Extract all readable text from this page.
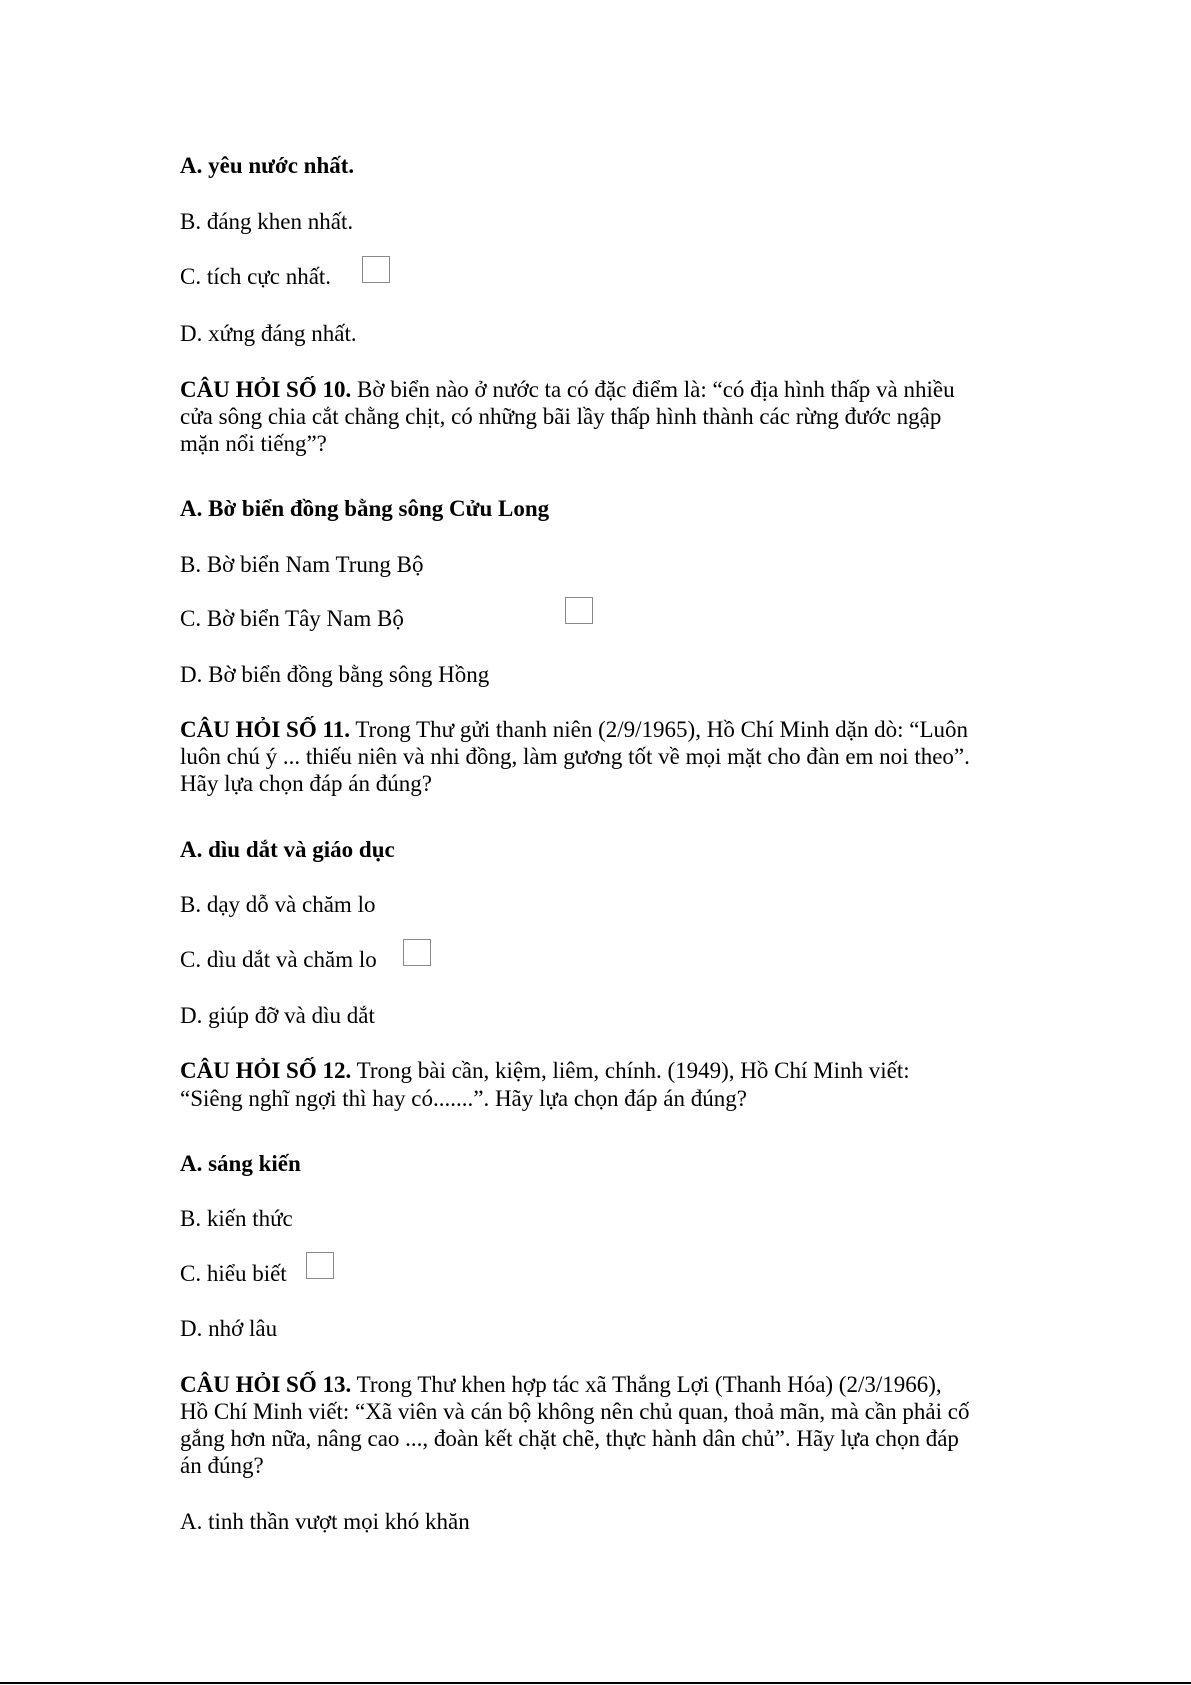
A. yêu nước nhất.
B. đáng khen nhất.
C. tích cực nhất.
D. xứng đáng nhất.
CÂU HỎI SỐ 10. Bờ biển nào ở nước ta có đặc điểm là: “có địa hình thấp và nhiều
cửa sông chia cắt chằng chịt, có những bãi lầy thấp hình thành các rừng đước ngập
mặn nổi tiếng”?
A. Bờ biển đồng bằng sông Cửu Long
B. Bờ biển Nam Trung Bộ
C. Bờ biển Tây Nam Bộ
D. Bờ biển đồng bằng sông Hồng
CÂU HỎI SỐ 11. Trong Thư gửi thanh niên (2/9/1965), Hồ Chí Minh dặn dò: “Luôn
luôn chú ý ... thiếu niên và nhi đồng, làm gương tốt về mọi mặt cho đàn em noi theo”.
Hãy lựa chọn đáp án đúng?
A. dìu dắt và giáo dục
B. dạy dỗ và chăm lo
C. dìu dắt và chăm lo
D. giúp đỡ và dìu dắt
CÂU HỎI SỐ 12. Trong bài cần, kiệm, liêm, chính. (1949), Hồ Chí Minh viết:
“Siêng nghĩ ngợi thì hay có.......”. Hãy lựa chọn đáp án đúng?
A. sáng kiến
B. kiến thức
C. hiểu biết
D. nhớ lâu
CÂU HỎI SỐ 13. Trong Thư khen hợp tác xã Thắng Lợi (Thanh Hóa) (2/3/1966),
Hồ Chí Minh viết: “Xã viên và cán bộ không nên chủ quan, thoả mãn, mà cần phải cố
gắng hơn nữa, nâng cao ..., đoàn kết chặt chẽ, thực hành dân chủ”. Hãy lựa chọn đáp
án đúng?
A. tinh thần vượt mọi khó khăn
